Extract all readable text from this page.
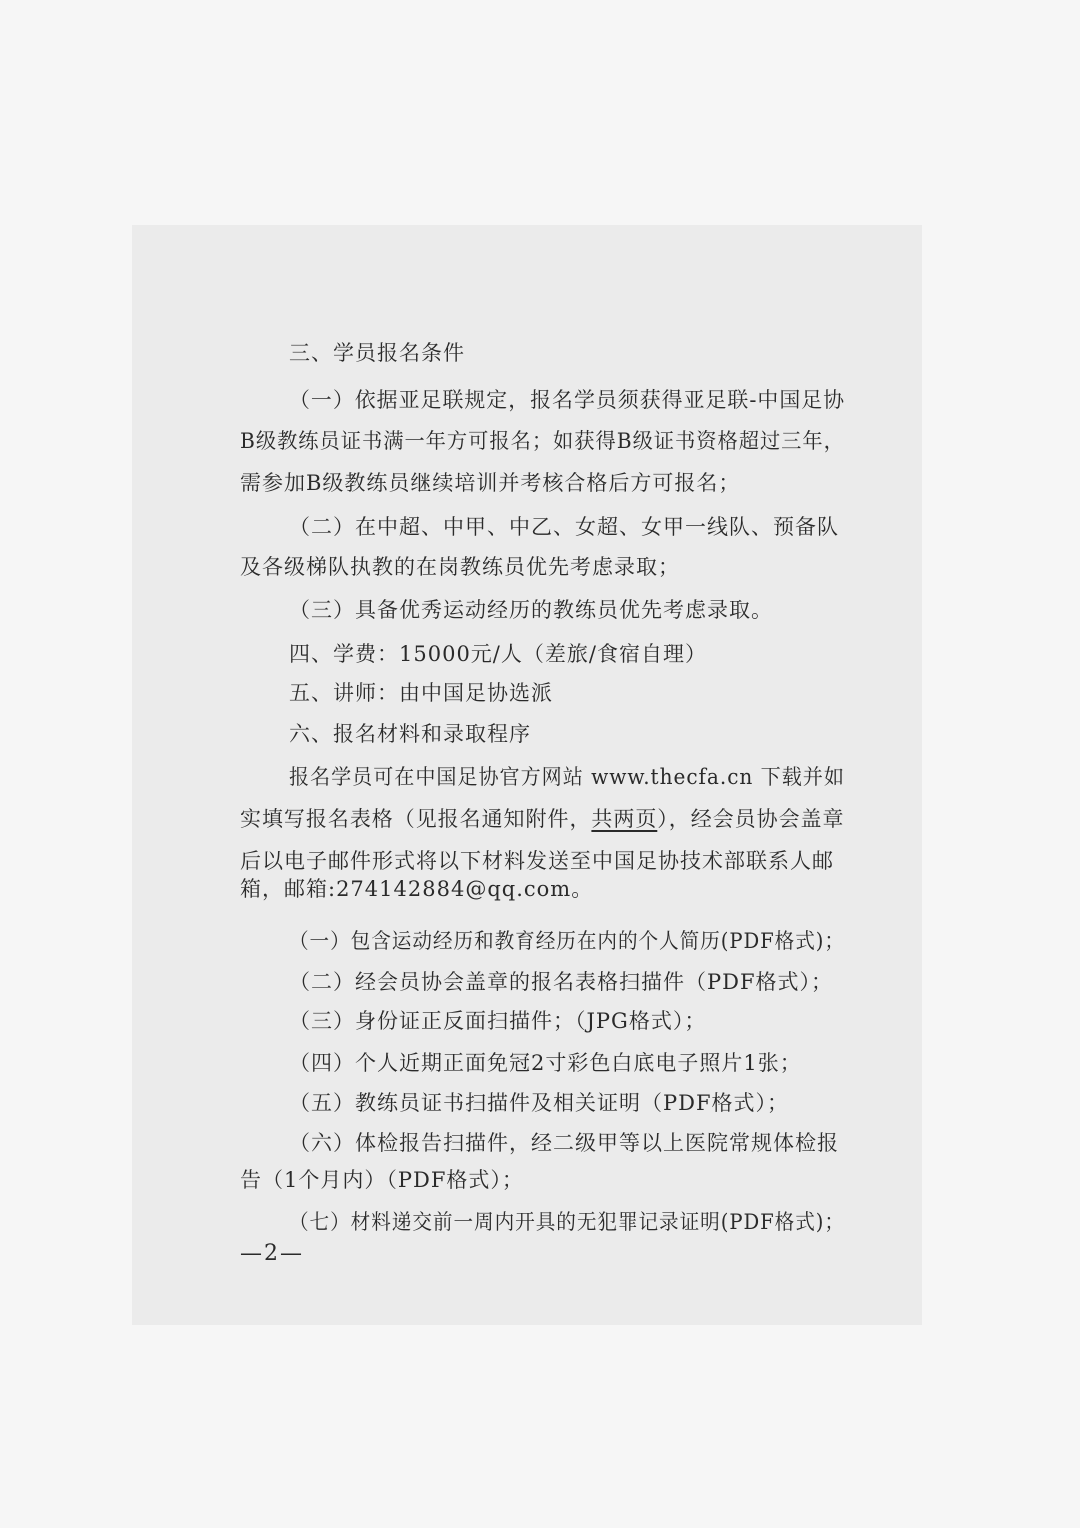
三、学员报名条件
（一）依据亚足联规定，报名学员须获得亚足联-中国足协
B级教练员证书满一年方可报名；如获得B级证书资格超过三年，
需参加B级教练员继续培训并考核合格后方可报名；
（二）在中超、中甲、中乙、女超、女甲一线队、预备队
及各级梯队执教的在岗教练员优先考虑录取；
（三）具备优秀运动经历的教练员优先考虑录取。
四、学费：15000元/人（差旅/食宿自理）
五、讲师：由中国足协选派
六、报名材料和录取程序
报名学员可在中国足协官方网站 www.thecfa.cn 下载并如
实填写报名表格（见报名通知附件，共两页），经会员协会盖章
后以电子邮件形式将以下材料发送至中国足协技术部联系人邮
箱，邮箱:274142884@qq.com。
（一）包含运动经历和教育经历在内的个人简历(PDF格式)；
（二）经会员协会盖章的报名表格扫描件（PDF格式）；
（三）身份证正反面扫描件；（JPG格式）；
（四）个人近期正面免冠2寸彩色白底电子照片1张；
（五）教练员证书扫描件及相关证明（PDF格式）；
（六）体检报告扫描件，经二级甲等以上医院常规体检报
告（1个月内）（PDF格式）；
（七）材料递交前一周内开具的无犯罪记录证明(PDF格式)；
—2—
